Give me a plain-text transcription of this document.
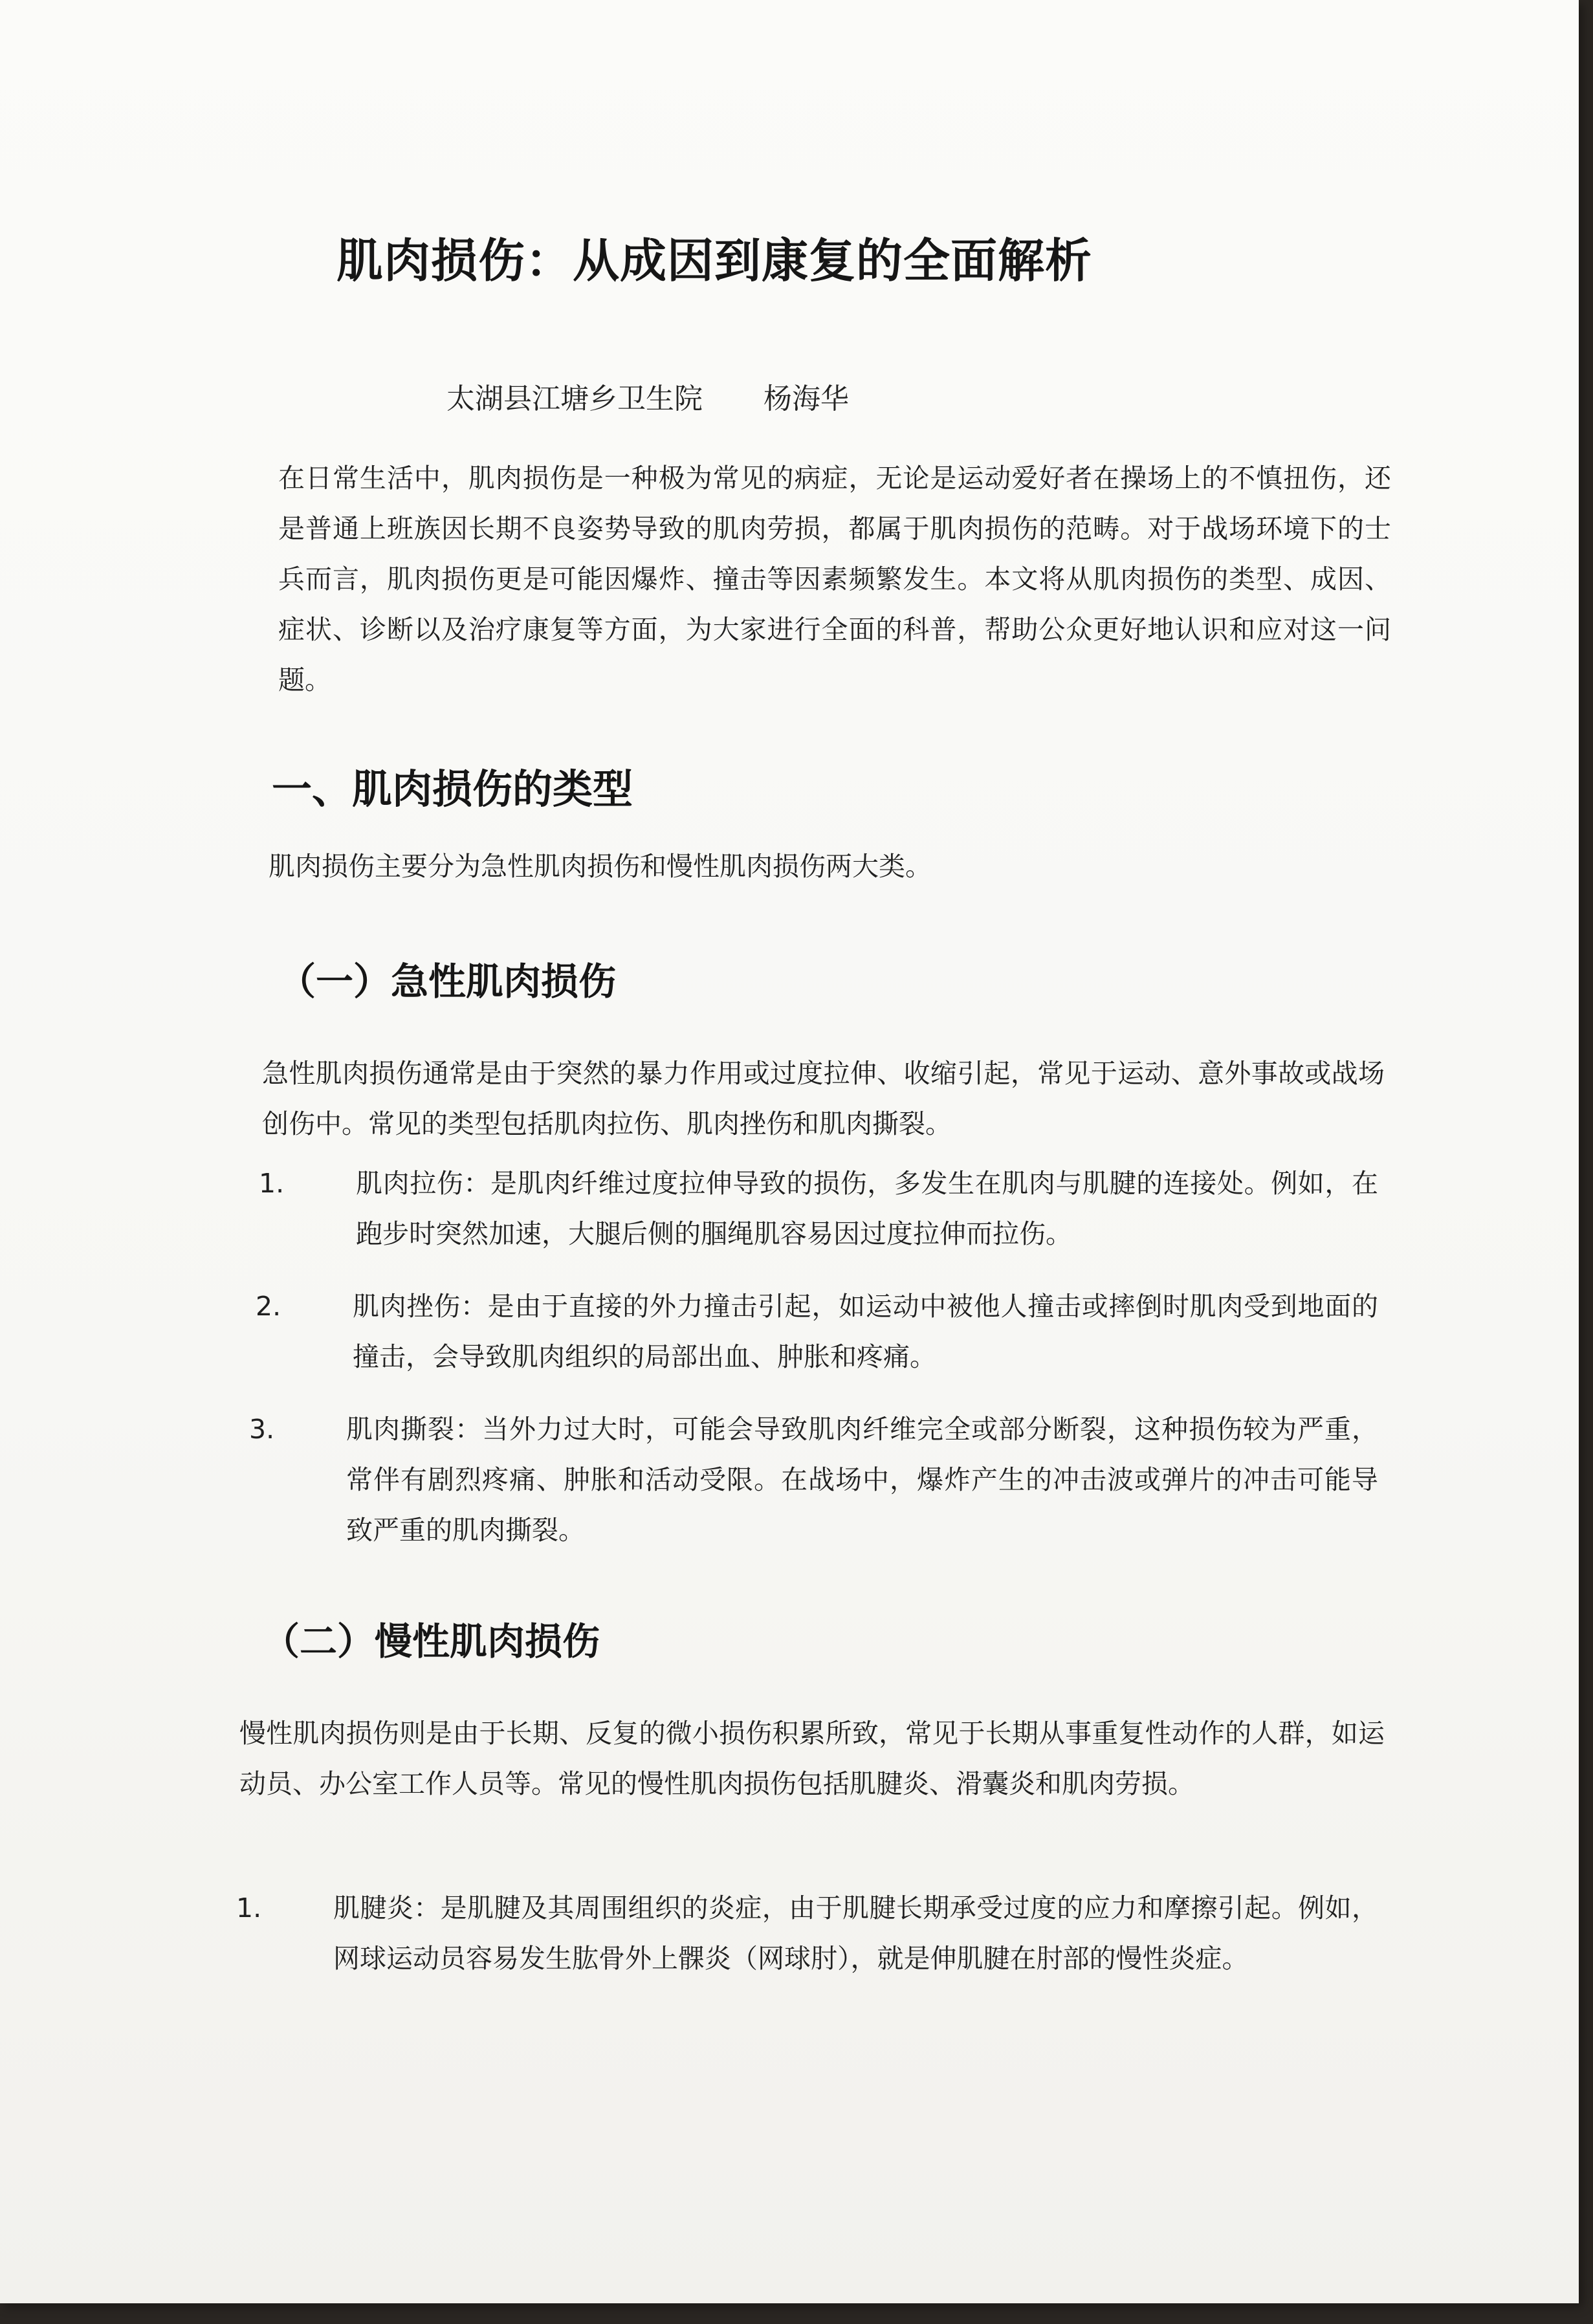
肌肉损伤：从成因到康复的全面解析
太湖县江塘乡卫生院 杨海华

在日常生活中，肌肉损伤是一种极为常见的病症，无论是运动爱好者在操场上的不慎扭伤，还是普通上班族因长期不良姿势导致的肌肉劳损，都属于肌肉损伤的范畴。对于战场环境下的士兵而言，肌肉损伤更是可能因爆炸、撞击等因素频繁发生。本文将从肌肉损伤的类型、成因、症状、诊断以及治疗康复等方面，为大家进行全面的科普，帮助公众更好地认识和应对这一问题。

一、肌肉损伤的类型

肌肉损伤主要分为急性肌肉损伤和慢性肌肉损伤两大类。

（一）急性肌肉损伤

急性肌肉损伤通常是由于突然的暴力作用或过度拉伸、收缩引起，常见于运动、意外事故或战场创伤中。常见的类型包括肌肉拉伤、肌肉挫伤和肌肉撕裂。

1.	肌肉拉伤：是肌肉纤维过度拉伸导致的损伤，多发生在肌肉与肌腱的连接处。例如，在跑步时突然加速，大腿后侧的腘绳肌容易因过度拉伸而拉伤。
2.	肌肉挫伤：是由于直接的外力撞击引起，如运动中被他人撞击或摔倒时肌肉受到地面的撞击，会导致肌肉组织的局部出血、肿胀和疼痛。
3.	肌肉撕裂：当外力过大时，可能会导致肌肉纤维完全或部分断裂，这种损伤较为严重，常伴有剧烈疼痛、肿胀和活动受限。在战场中，爆炸产生的冲击波或弹片的冲击可能导致严重的肌肉撕裂。
（二）慢性肌肉损伤

慢性肌肉损伤则是由于长期、反复的微小损伤积累所致，常见于长期从事重复性动作的人群，如运动员、办公室工作人员等。常见的慢性肌肉损伤包括肌腱炎、滑囊炎和肌肉劳损。

1.	肌腱炎：是肌腱及其周围组织的炎症，由于肌腱长期承受过度的应力和摩擦引起。例如，网球运动员容易发生肱骨外上髁炎（网球肘），就是伸肌腱在肘部的慢性炎症。
